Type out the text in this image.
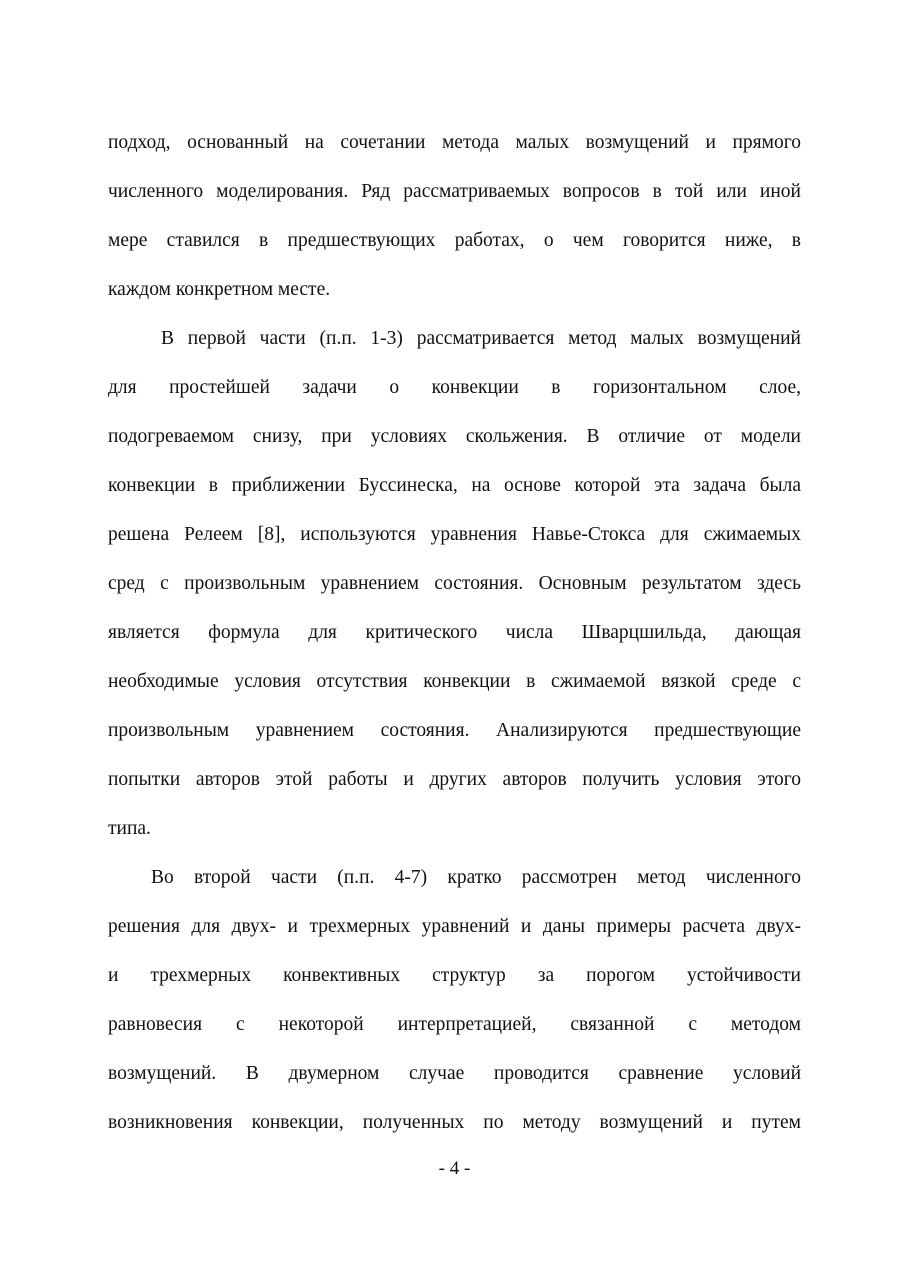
подход, основанный на сочетании метода малых возмущений и прямого
численного моделирования. Ряд рассматриваемых вопросов в той или иной
мере ставился в предшествующих работах, о чем говорится ниже, в
каждом конкретном месте.
В первой части (п.п. 1-3) рассматривается метод малых возмущений
для простейшей задачи о конвекции в горизонтальном слое,
подогреваемом снизу, при условиях скольжения. В отличие от модели
конвекции в приближении Буссинеска, на основе которой эта задача была
решена Релеем [8], используются уравнения Навье-Стокса для сжимаемых
сред с произвольным уравнением состояния. Основным результатом здесь
является формула для критического числа Шварцшильда, дающая
необходимые условия отсутствия конвекции в сжимаемой вязкой среде с
произвольным уравнением состояния. Анализируются предшествующие
попытки авторов этой работы и других авторов получить условия этого
типа.
Во второй части (п.п. 4-7) кратко рассмотрен метод численного
решения для двух- и трехмерных уравнений и даны примеры расчета двух-
и трехмерных конвективных структур за порогом устойчивости
равновесия с некоторой интерпретацией, связанной с методом
возмущений. В двумерном случае проводится сравнение условий
возникновения конвекции, полученных по методу возмущений и путем
- 4 -
